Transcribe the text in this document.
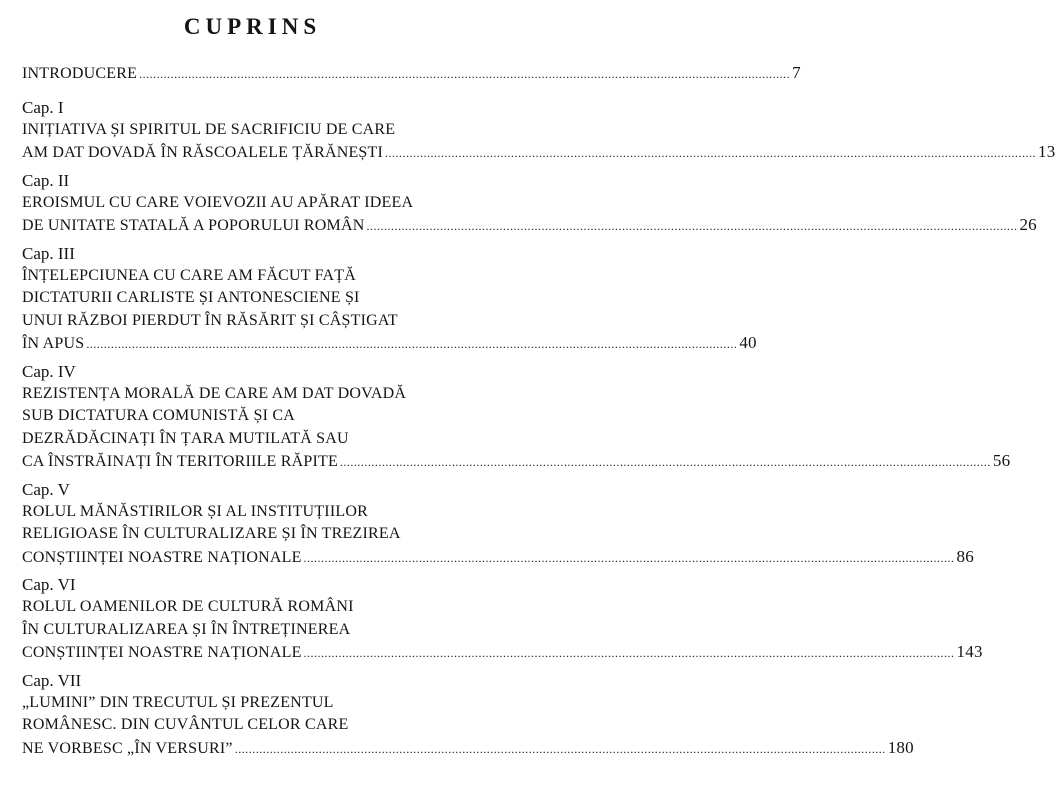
CUPRINS
INTRODUCERE .......................................................................................................................................................................................... 7
Cap. I
INIȚIATIVA ȘI SPIRITUL DE SACRIFICIU DE CARE
AM DAT DOVADĂ ÎN RĂSCOALELE ȚĂRĂNEȘTI .......................................................................................................................................................................................... 13
Cap. II
EROISMUL CU CARE VOIEVOZII AU APĂRAT IDEEA
DE UNITATE STATALĂ A POPORULUI ROMÂN .......................................................................................................................................................................................... 26
Cap. III
ÎNȚELEPCIUNEA CU CARE AM FĂCUT FAȚĂ
DICTATURII CARLISTE ȘI ANTONESCIENE ȘI
UNUI RĂZBOI PIERDUT ÎN RĂSĂRIT ȘI CÂȘTIGAT
ÎN APUS .......................................................................................................................................................................................... 40
Cap. IV
REZISTENȚA MORALĂ DE CARE AM DAT DOVADĂ
SUB DICTATURA COMUNISTĂ ȘI CA
DEZRĂDĂCINAȚI ÎN ȚARA MUTILATĂ SAU
CA ÎNSTRĂINAȚI ÎN TERITORIILE RĂPITE .......................................................................................................................................................................................... 56
Cap. V
ROLUL MĂNĂSTIRILOR ȘI AL INSTITUȚIILOR
RELIGIOASE ÎN CULTURALIZARE ȘI ÎN TREZIREA
CONȘTIINȚEI NOASTRE NAȚIONALE .......................................................................................................................................................................................... 86
Cap. VI
ROLUL OAMENILOR DE CULTURĂ ROMÂNI
ÎN CULTURALIZAREA ȘI ÎN ÎNTREȚINEREA
CONȘTIINȚEI NOASTRE NAȚIONALE .......................................................................................................................................................................................... 143
Cap. VII
„LUMINI” DIN TRECUTUL ȘI PREZENTUL
ROMÂNESC. DIN CUVÂNTUL CELOR CARE
NE VORBESC „ÎN VERSURI” .......................................................................................................................................................................................... 180
